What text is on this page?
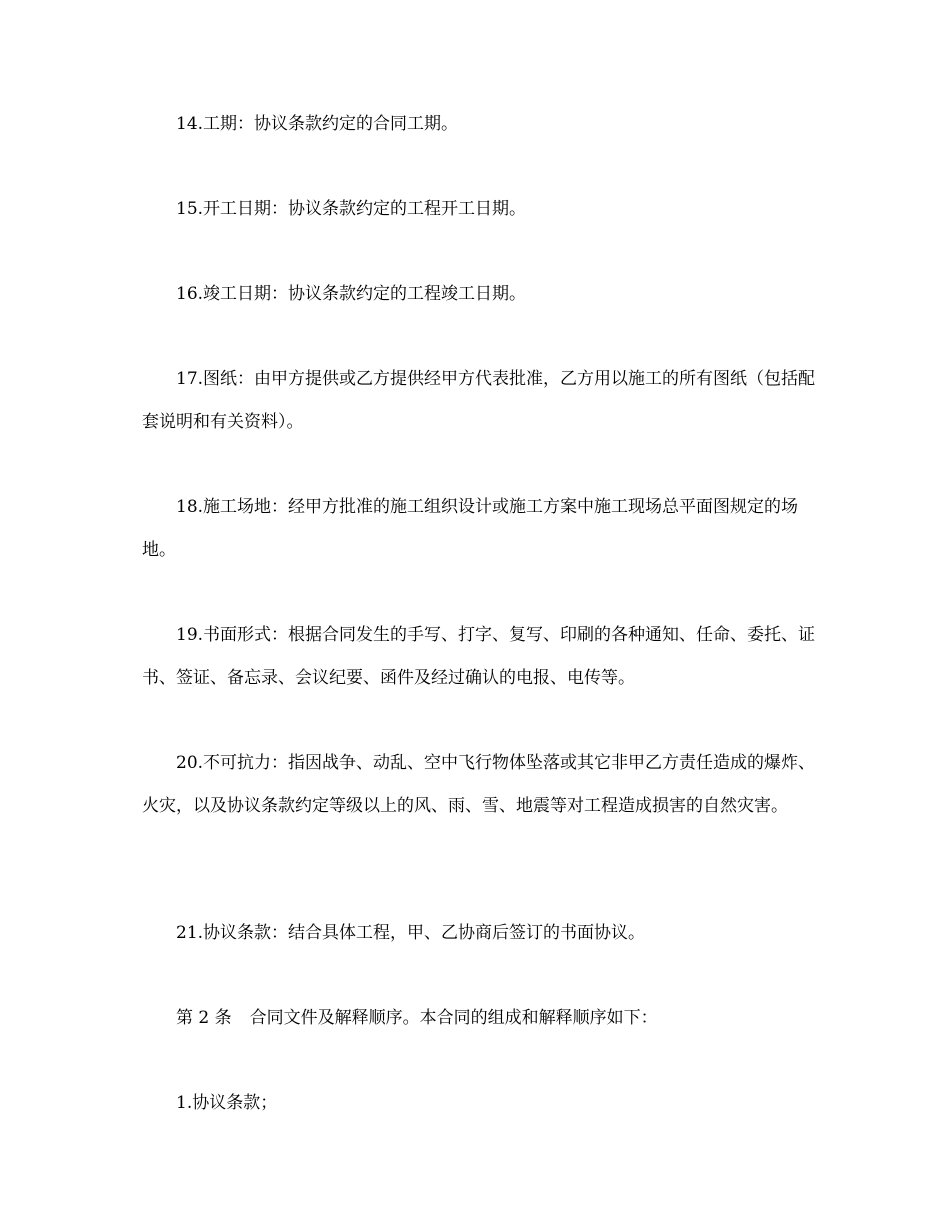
14.工期：协议条款约定的合同工期。

15.开工日期：协议条款约定的工程开工日期。

16.竣工日期：协议条款约定的工程竣工日期。

17.图纸：由甲方提供或乙方提供经甲方代表批准，乙方用以施工的所有图纸（包括配套说明和有关资料）。

18.施工场地：经甲方批准的施工组织设计或施工方案中施工现场总平面图规定的场地。

19.书面形式：根据合同发生的手写、打字、复写、印刷的各种通知、任命、委托、证书、签证、备忘录、会议纪要、函件及经过确认的电报、电传等。

20.不可抗力：指因战争、动乱、空中飞行物体坠落或其它非甲乙方责任造成的爆炸、火灾，以及协议条款约定等级以上的风、雨、雪、地震等对工程造成损害的自然灾害。

21.协议条款：结合具体工程，甲、乙协商后签订的书面协议。

第 2 条 合同文件及解释顺序。本合同的组成和解释顺序如下：

1.协议条款；
